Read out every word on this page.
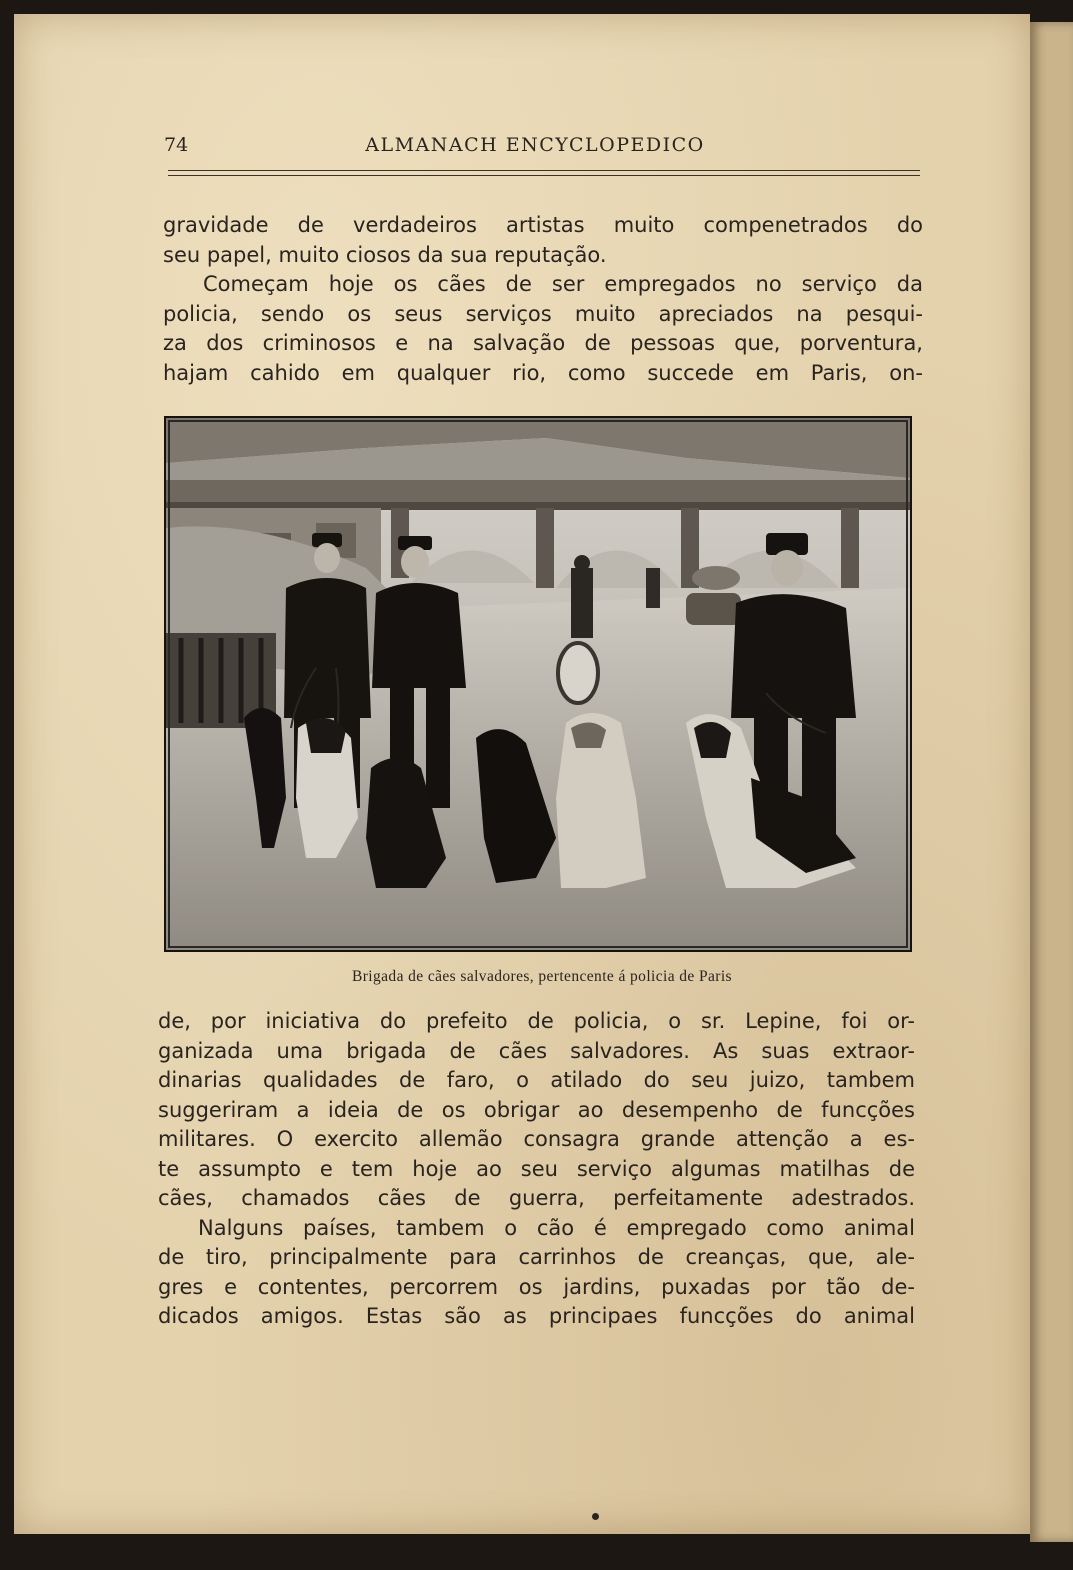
74	ALMANACH ENCYCLOPEDICO
gravidade de verdadeiros artistas muito compenetrados do
seu papel, muito ciosos da sua reputação.
Começam hoje os cães de ser empregados no serviço da
policia, sendo os seus serviços muito apreciados na pesqui-
za dos criminosos e na salvação de pessoas que, porventura,
hajam cahido em qualquer rio, como succede em Paris, on-
Brigada de cães salvadores, pertencente á policia de Paris
de, por iniciativa do prefeito de policia, o sr. Lepine, foi or-
ganizada uma brigada de cães salvadores. As suas extraor-
dinarias qualidades de faro, o atilado do seu juizo, tambem
suggeriram a ideia de os obrigar ao desempenho de funcções
militares. O exercito allemão consagra grande attenção a es-
te assumpto e tem hoje ao seu serviço algumas matilhas de
cães, chamados cães de guerra, perfeitamente adestrados.
Nalguns países, tambem o cão é empregado como animal
de tiro, principalmente para carrinhos de creanças, que, ale-
gres e contentes, percorrem os jardins, puxadas por tão de-
dicados amigos. Estas são as principaes funcções do animal
